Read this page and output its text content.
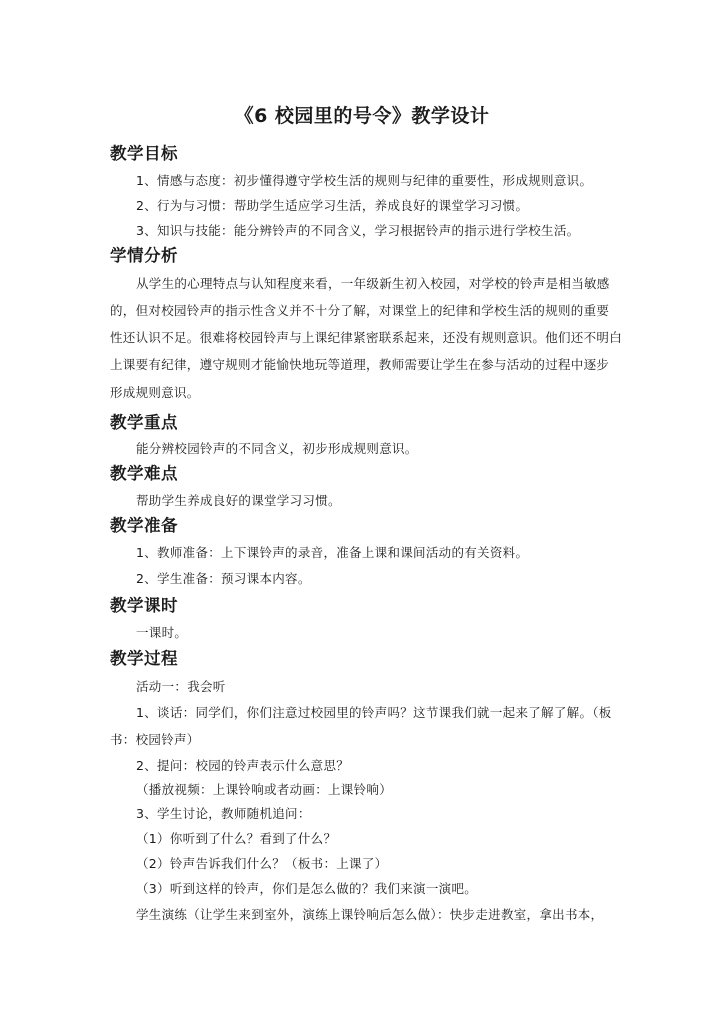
《6 校园里的号令》教学设计
教学目标
1、情感与态度：初步懂得遵守学校生活的规则与纪律的重要性，形成规则意识。
2、行为与习惯：帮助学生适应学习生活，养成良好的课堂学习习惯。
3、知识与技能：能分辨铃声的不同含义，学习根据铃声的指示进行学校生活。
学情分析
从学生的心理特点与认知程度来看，一年级新生初入校园，对学校的铃声是相当敏感
的，但对校园铃声的指示性含义并不十分了解，对课堂上的纪律和学校生活的规则的重要
性还认识不足。很难将校园铃声与上课纪律紧密联系起来，还没有规则意识。他们还不明白
上课要有纪律，遵守规则才能愉快地玩等道理，教师需要让学生在参与活动的过程中逐步
形成规则意识。
教学重点
能分辨校园铃声的不同含义，初步形成规则意识。
教学难点
帮助学生养成良好的课堂学习习惯。
教学准备
1、教师准备：上下课铃声的录音，准备上课和课间活动的有关资料。
2、学生准备：预习课本内容。
教学课时
一课时。
教学过程
活动一：我会听
1、谈话：同学们，你们注意过校园里的铃声吗？这节课我们就一起来了解了解。（板
书：校园铃声）
2、提问：校园的铃声表示什么意思？
（播放视频：上课铃响或者动画：上课铃响）
3、学生讨论，教师随机追问：
（1）你听到了什么？看到了什么？
（2）铃声告诉我们什么？（板书：上课了）
（3）听到这样的铃声，你们是怎么做的？我们来演一演吧。
学生演练（让学生来到室外，演练上课铃响后怎么做）：快步走进教室，拿出书本，
